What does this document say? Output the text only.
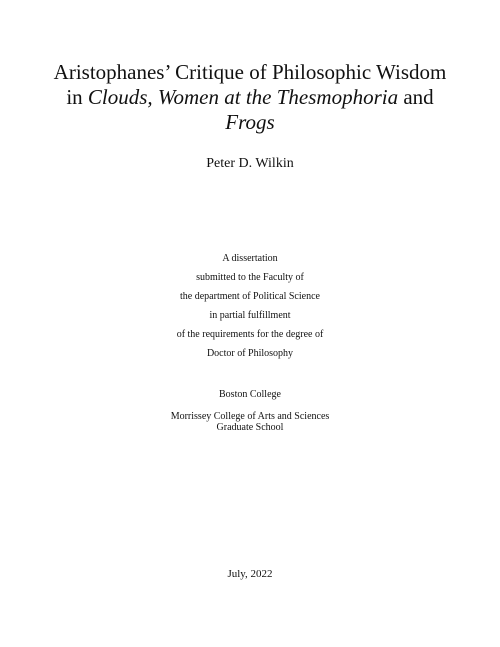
Aristophanes’ Critique of Philosophic Wisdom
in Clouds, Women at the Thesmophoria and
Frogs
Peter D. Wilkin
A dissertation
submitted to the Faculty of
the department of Political Science
in partial fulfillment
of the requirements for the degree of
Doctor of Philosophy
Boston College
Morrissey College of Arts and Sciences
Graduate School
July, 2022
